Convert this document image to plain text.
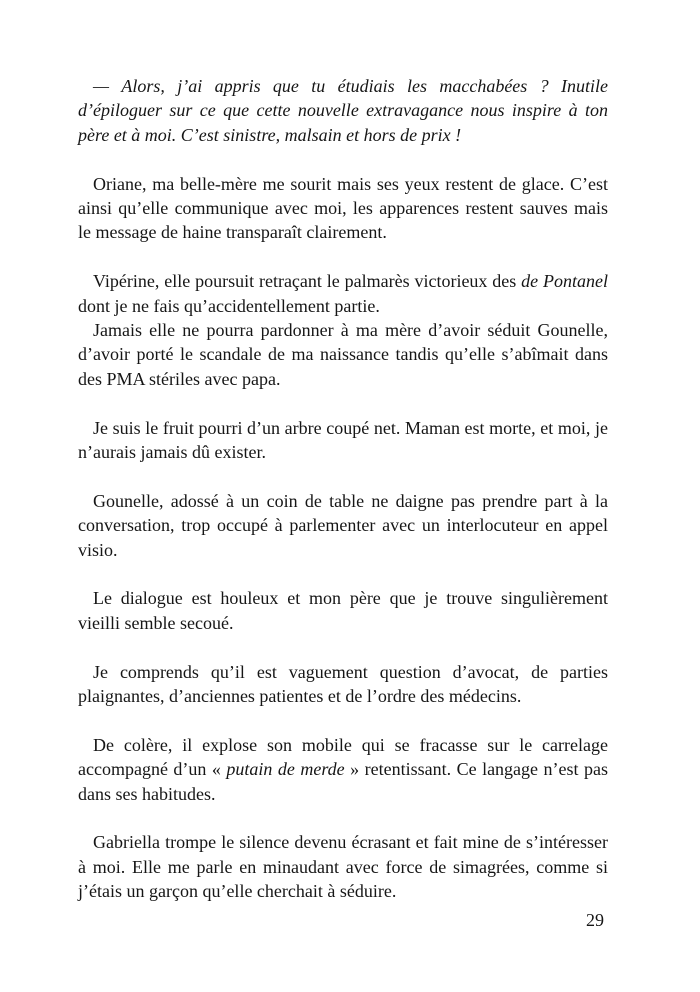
— Alors, j’ai appris que tu étudiais les macchabées ? Inutile d’épiloguer sur ce que cette nouvelle extravagance nous inspire à ton père et à moi. C’est sinistre, malsain et hors de prix !

Oriane, ma belle-mère me sourit mais ses yeux restent de glace. C’est ainsi qu’elle communique avec moi, les apparences restent sauves mais le message de haine transparaît clairement.

Vipérine, elle poursuit retraçant le palmarès victorieux des de Pontanel dont je ne fais qu’accidentellement partie.

Jamais elle ne pourra pardonner à ma mère d’avoir séduit Gounelle, d’avoir porté le scandale de ma naissance tandis qu’elle s’abîmait dans des PMA stériles avec papa.

Je suis le fruit pourri d’un arbre coupé net. Maman est morte, et moi, je n’aurais jamais dû exister.

Gounelle, adossé à un coin de table ne daigne pas prendre part à la conversation, trop occupé à parlementer avec un interlocuteur en appel visio.

Le dialogue est houleux et mon père que je trouve singulièrement vieilli semble secoué.

Je comprends qu’il est vaguement question d’avocat, de parties plaignantes, d’anciennes patientes et de l’ordre des médecins.

De colère, il explose son mobile qui se fracasse sur le carrelage accompagné d’un « putain de merde » retentissant. Ce langage n’est pas dans ses habitudes.

Gabriella trompe le silence devenu écrasant et fait mine de s’intéresser à moi. Elle me parle en minaudant avec force de simagrées, comme si j’étais un garçon qu’elle cherchait à séduire.

29
